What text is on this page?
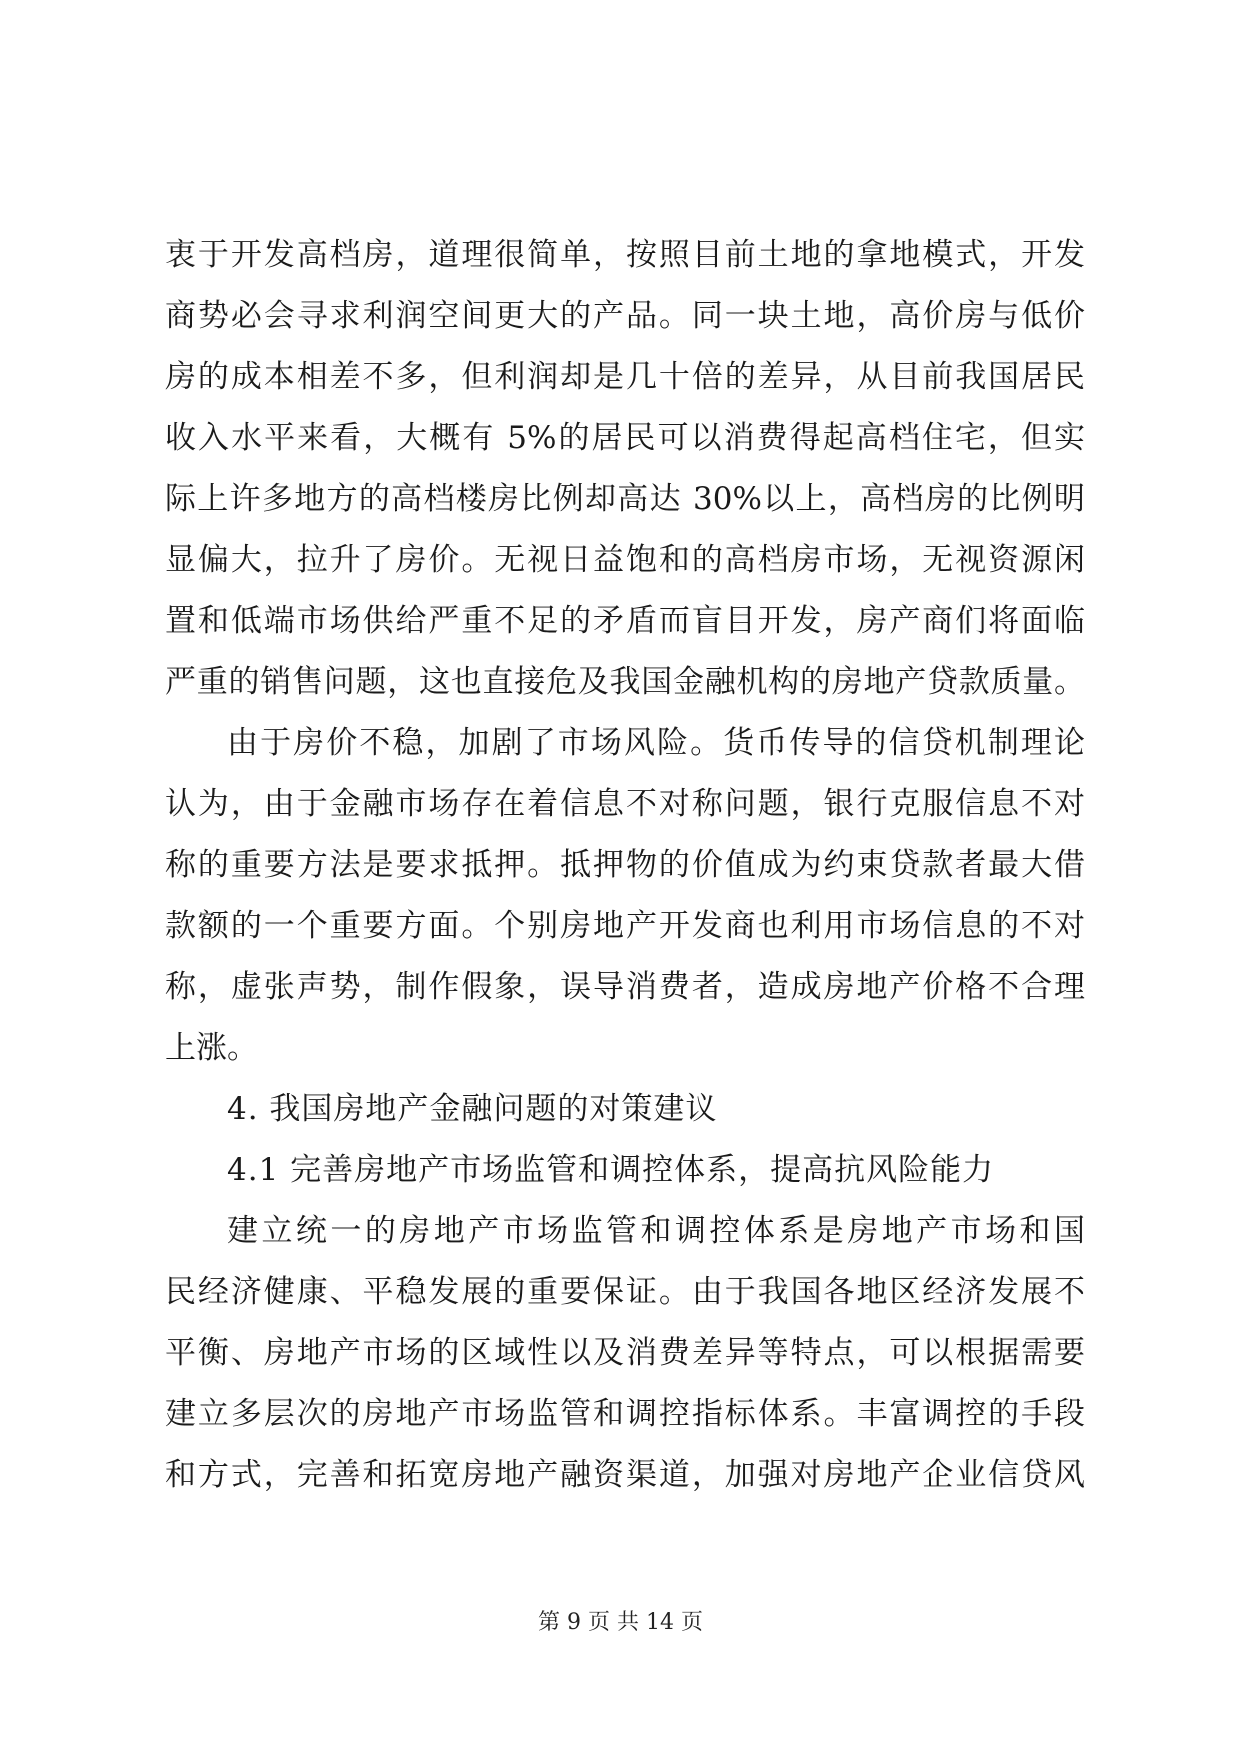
衷于开发高档房，道理很简单，按照目前土地的拿地模式，开发
商势必会寻求利润空间更大的产品。同一块土地，高价房与低价
房的成本相差不多，但利润却是几十倍的差异，从目前我国居民
收入水平来看，大概有 5%的居民可以消费得起高档住宅，但实
际上许多地方的高档楼房比例却高达 30%以上，高档房的比例明
显偏大，拉升了房价。无视日益饱和的高档房市场，无视资源闲
置和低端市场供给严重不足的矛盾而盲目开发，房产商们将面临
严重的销售问题，这也直接危及我国金融机构的房地产贷款质量。
由于房价不稳，加剧了市场风险。货币传导的信贷机制理论
认为，由于金融市场存在着信息不对称问题，银行克服信息不对
称的重要方法是要求抵押。抵押物的价值成为约束贷款者最大借
款额的一个重要方面。个别房地产开发商也利用市场信息的不对
称，虚张声势，制作假象，误导消费者，造成房地产价格不合理
上涨。
4. 我国房地产金融问题的对策建议
4.1 完善房地产市场监管和调控体系，提高抗风险能力
建立统一的房地产市场监管和调控体系是房地产市场和国
民经济健康、平稳发展的重要保证。由于我国各地区经济发展不
平衡、房地产市场的区域性以及消费差异等特点，可以根据需要
建立多层次的房地产市场监管和调控指标体系。丰富调控的手段
和方式，完善和拓宽房地产融资渠道，加强对房地产企业信贷风
第 9 页 共 14 页
